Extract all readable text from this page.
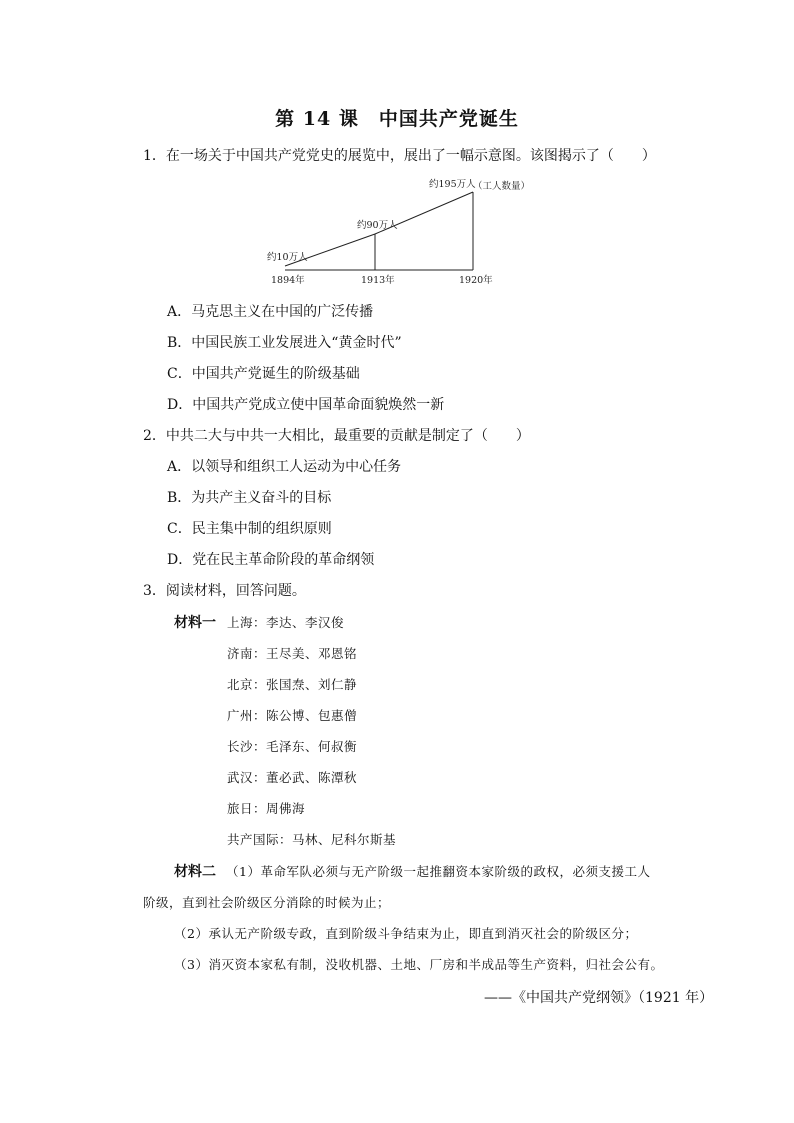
第 14 课　中国共产党诞生
1．在一场关于中国共产党党史的展览中，展出了一幅示意图。该图揭示了（　　）
约10万人
约90万人
约195万人
（工人数量）
1894年	1913年	1920年
A．马克思主义在中国的广泛传播
B．中国民族工业发展进入“黄金时代”
C．中国共产党诞生的阶级基础
D．中国共产党成立使中国革命面貌焕然一新
2．中共二大与中共一大相比，最重要的贡献是制定了（　　）
A．以领导和组织工人运动为中心任务
B．为共产主义奋斗的目标
C．民主集中制的组织原则
D．党在民主革命阶段的革命纲领
3．阅读材料，回答问题。
材料一 上海：李达、李汉俊
济南：王尽美、邓恩铭
北京：张国焘、刘仁静
广州：陈公博、包惠僧
长沙：毛泽东、何叔衡
武汉：董必武、陈潭秋
旅日：周佛海
共产国际：马林、尼科尔斯基
材料二 （1）革命军队必须与无产阶级一起推翻资本家阶级的政权，必须支援工人
阶级，直到社会阶级区分消除的时候为止；
（2）承认无产阶级专政，直到阶级斗争结束为止，即直到消灭社会的阶级区分；
（3）消灭资本家私有制，没收机器、土地、厂房和半成品等生产资料，归社会公有。
——《中国共产党纲领》（1921 年）
